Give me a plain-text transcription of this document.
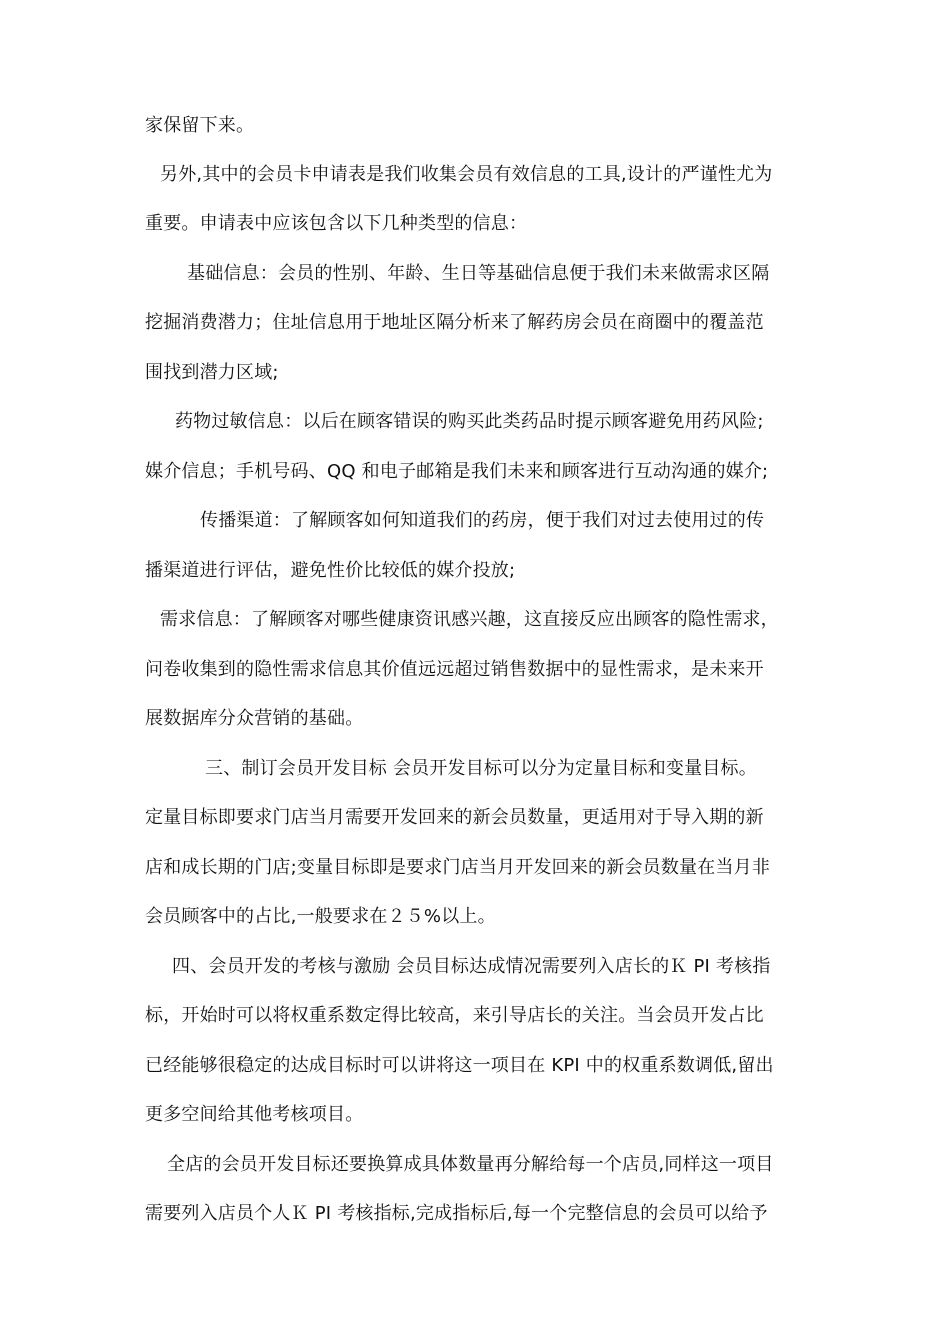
家保留下来。
另外,其中的会员卡申请表是我们收集会员有效信息的工具,设计的严谨性尤为
重要。申请表中应该包含以下几种类型的信息：
基础信息：会员的性别、年龄、生日等基础信息便于我们未来做需求区隔
挖掘消费潜力；住址信息用于地址区隔分析来了解药房会员在商圈中的覆盖范
围找到潜力区域;
药物过敏信息：以后在顾客错误的购买此类药品时提示顾客避免用药风险;
媒介信息；手机号码、QQ 和电子邮箱是我们未来和顾客进行互动沟通的媒介;
传播渠道：了解顾客如何知道我们的药房，便于我们对过去使用过的传
播渠道进行评估，避免性价比较低的媒介投放;
需求信息：了解顾客对哪些健康资讯感兴趣，这直接反应出顾客的隐性需求，
问卷收集到的隐性需求信息其价值远远超过销售数据中的显性需求，是未来开
展数据库分众营销的基础。
三、制订会员开发目标 会员开发目标可以分为定量目标和变量目标。
定量目标即要求门店当月需要开发回来的新会员数量，更适用对于导入期的新
店和成长期的门店;变量目标即是要求门店当月开发回来的新会员数量在当月非
会员顾客中的占比,一般要求在２５%以上。
四、会员开发的考核与激励 会员目标达成情况需要列入店长的Ｋ PI 考核指
标，开始时可以将权重系数定得比较高，来引导店长的关注。当会员开发占比
已经能够很稳定的达成目标时可以讲将这一项目在 KPI 中的权重系数调低,留出
更多空间给其他考核项目。
全店的会员开发目标还要换算成具体数量再分解给每一个店员,同样这一项目
需要列入店员个人Ｋ PI 考核指标,完成指标后,每一个完整信息的会员可以给予
